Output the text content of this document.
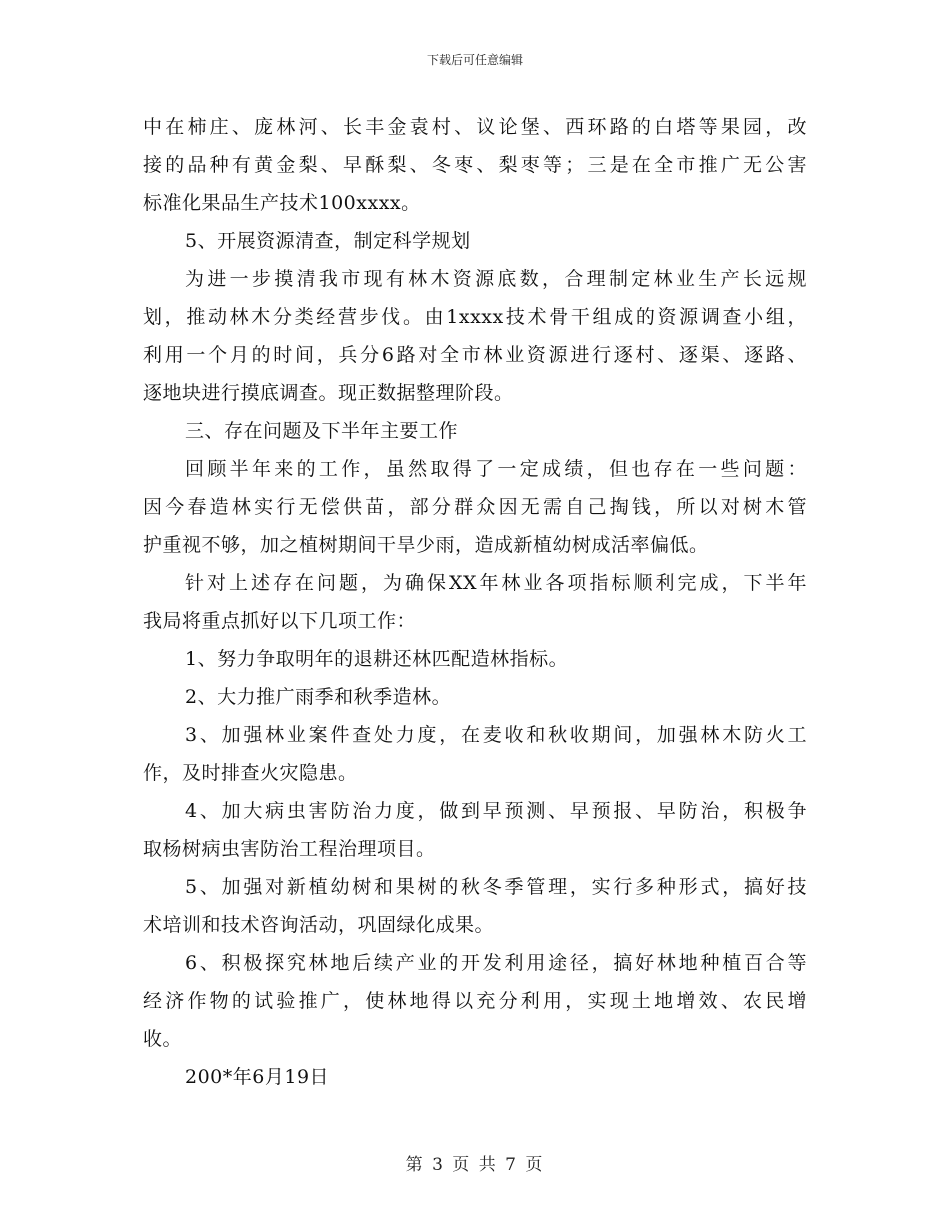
下载后可任意编辑
中在柿庄、庞林河、长丰金袁村、议论堡、西环路的白塔等果园，改
接的品种有黄金梨、早酥梨、冬枣、梨枣等；三是在全市推广无公害
标准化果品生产技术100xxxx。
5、开展资源清查，制定科学规划
为进一步摸清我市现有林木资源底数，合理制定林业生产长远规
划，推动林木分类经营步伐。由1xxxx技术骨干组成的资源调查小组，
利用一个月的时间，兵分6路对全市林业资源进行逐村、逐渠、逐路、
逐地块进行摸底调查。现正数据整理阶段。
三、存在问题及下半年主要工作
回顾半年来的工作，虽然取得了一定成绩，但也存在一些问题：
因今春造林实行无偿供苗，部分群众因无需自己掏钱，所以对树木管
护重视不够，加之植树期间干旱少雨，造成新植幼树成活率偏低。
针对上述存在问题，为确保XX年林业各项指标顺利完成，下半年
我局将重点抓好以下几项工作：
1、努力争取明年的退耕还林匹配造林指标。
2、大力推广雨季和秋季造林。
3、加强林业案件查处力度，在麦收和秋收期间，加强林木防火工
作，及时排查火灾隐患。
4、加大病虫害防治力度，做到早预测、早预报、早防治，积极争
取杨树病虫害防治工程治理项目。
5、加强对新植幼树和果树的秋冬季管理，实行多种形式，搞好技
术培训和技术咨询活动，巩固绿化成果。
6、积极探究林地后续产业的开发利用途径，搞好林地种植百合等
经济作物的试验推广，使林地得以充分利用，实现土地增效、农民增
收。
200*年6月19日
第 3 页 共 7 页
